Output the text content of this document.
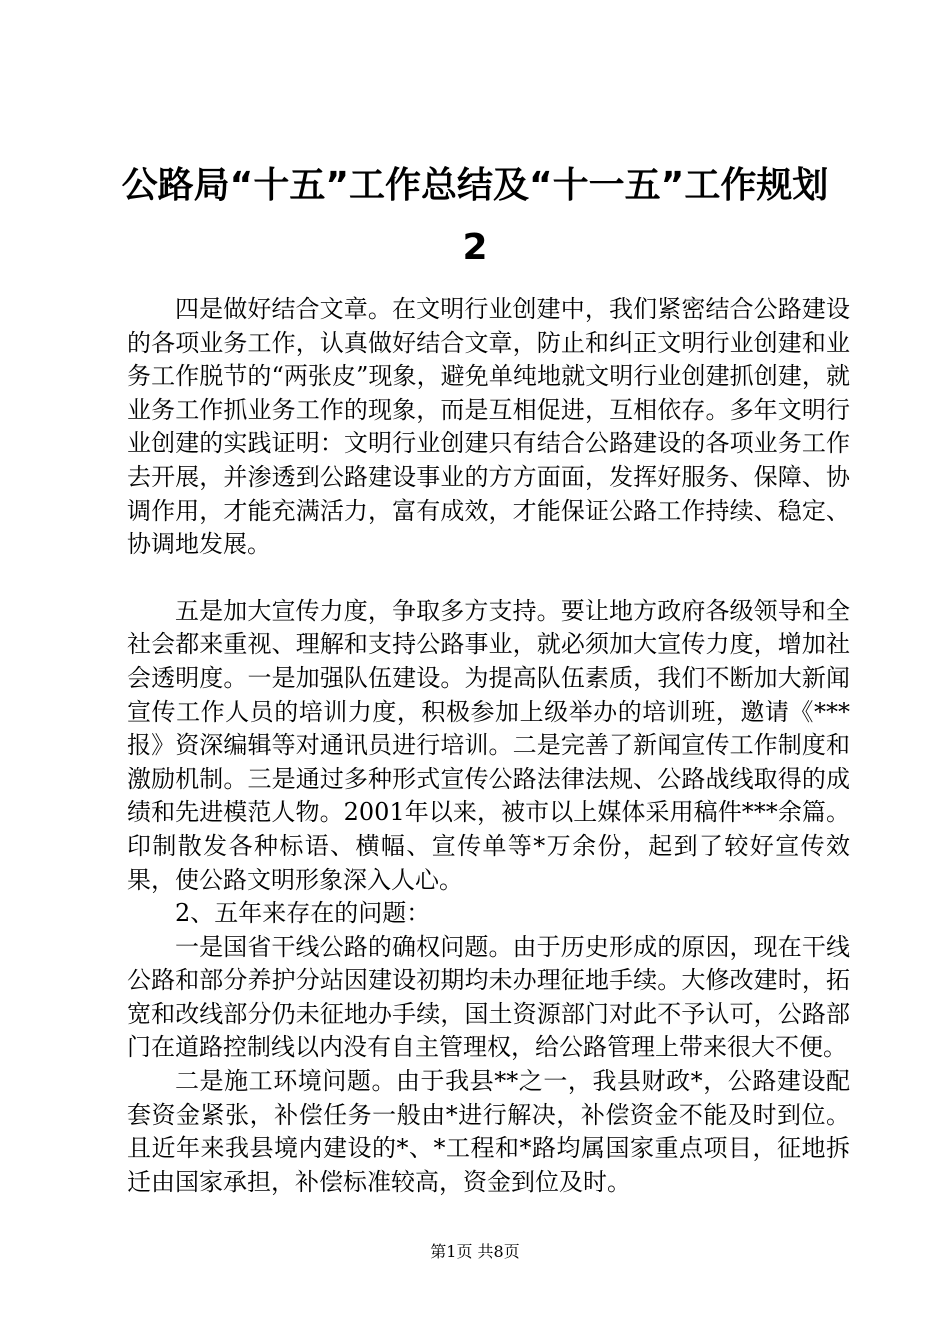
公路局“十五”工作总结及“十一五”工作规划2

四是做好结合文章。在文明行业创建中，我们紧密结合公路建设的各项业务工作，认真做好结合文章，防止和纠正文明行业创建和业务工作脱节的“两张皮”现象，避免单纯地就文明行业创建抓创建，就业务工作抓业务工作的现象，而是互相促进，互相依存。多年文明行业创建的实践证明：文明行业创建只有结合公路建设的各项业务工作去开展，并渗透到公路建设事业的方方面面，发挥好服务、保障、协调作用，才能充满活力，富有成效，才能保证公路工作持续、稳定、协调地发展。

五是加大宣传力度，争取多方支持。要让地方政府各级领导和全社会都来重视、理解和支持公路事业，就必须加大宣传力度，增加社会透明度。一是加强队伍建设。为提高队伍素质，我们不断加大新闻宣传工作人员的培训力度，积极参加上级举办的培训班，邀请《***报》资深编辑等对通讯员进行培训。二是完善了新闻宣传工作制度和激励机制。三是通过多种形式宣传公路法律法规、公路战线取得的成绩和先进模范人物。2001年以来，被市以上媒体采用稿件***余篇。印制散发各种标语、横幅、宣传单等*万余份，起到了较好宣传效果，使公路文明形象深入人心。

2、五年来存在的问题：

一是国省干线公路的确权问题。由于历史形成的原因，现在干线公路和部分养护分站因建设初期均未办理征地手续。大修改建时，拓宽和改线部分仍未征地办手续，国土资源部门对此不予认可，公路部门在道路控制线以内没有自主管理权，给公路管理上带来很大不便。

二是施工环境问题。由于我县**之一，我县财政*，公路建设配套资金紧张，补偿任务一般由*进行解决，补偿资金不能及时到位。且近年来我县境内建设的*、*工程和*路均属国家重点项目，征地拆迁由国家承担，补偿标准较高，资金到位及时。

第1页 共8页
